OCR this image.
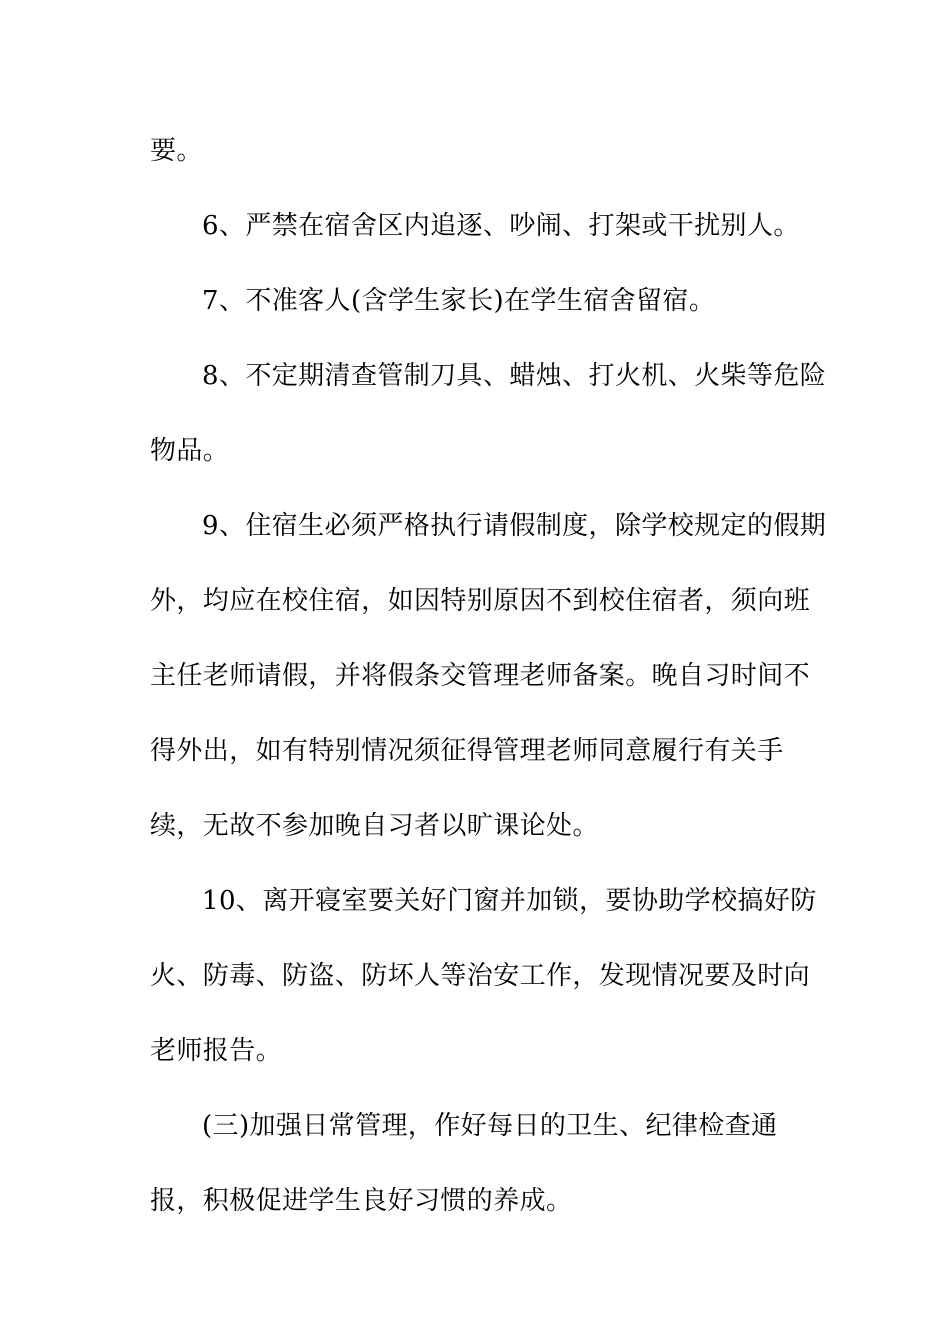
要。
6、严禁在宿舍区内追逐、吵闹、打架或干扰别人。
7、不准客人(含学生家长)在学生宿舍留宿。
8、不定期清查管制刀具、蜡烛、打火机、火柴等危险
物品。
9、住宿生必须严格执行请假制度，除学校规定的假期
外，均应在校住宿，如因特别原因不到校住宿者，须向班
主任老师请假，并将假条交管理老师备案。晚自习时间不
得外出，如有特别情况须征得管理老师同意履行有关手
续，无故不参加晚自习者以旷课论处。
10、离开寝室要关好门窗并加锁，要协助学校搞好防
火、防毒、防盗、防坏人等治安工作，发现情况要及时向
老师报告。
(三)加强日常管理，作好每日的卫生、纪律检查通
报，积极促进学生良好习惯的养成。
